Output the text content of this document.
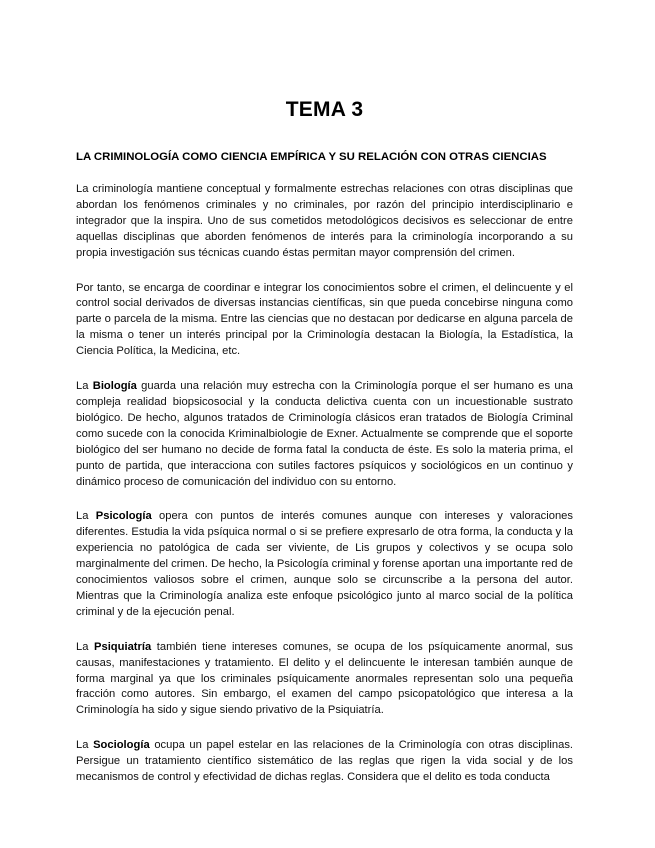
TEMA 3
LA CRIMINOLOGÍA COMO CIENCIA EMPÍRICA Y SU RELACIÓN CON OTRAS CIENCIAS

La criminología mantiene conceptual y formalmente estrechas relaciones con otras disciplinas que abordan los fenómenos criminales y no criminales, por razón del principio interdisciplinario e integrador que la inspira. Uno de sus cometidos metodológicos decisivos es seleccionar de entre aquellas disciplinas que aborden fenómenos de interés para la criminología incorporando a su propia investigación sus técnicas cuando éstas permitan mayor comprensión del crimen.

Por tanto, se encarga de coordinar e integrar los conocimientos sobre el crimen, el delincuente y el control social derivados de diversas instancias científicas, sin que pueda concebirse ninguna como parte o parcela de la misma. Entre las ciencias que no destacan por dedicarse en alguna parcela de la misma o tener un interés principal por la Criminología destacan la Biología, la Estadística, la Ciencia Política, la Medicina, etc.

La Biología guarda una relación muy estrecha con la Criminología porque el ser humano es una compleja realidad biopsicosocial y la conducta delictiva cuenta con un incuestionable sustrato biológico. De hecho, algunos tratados de Criminología clásicos eran tratados de Biología Criminal como sucede con la conocida Kriminalbiologie de Exner. Actualmente se comprende que el soporte biológico del ser humano no decide de forma fatal la conducta de éste. Es solo la materia prima, el punto de partida, que interacciona con sutiles factores psíquicos y sociológicos en un continuo y dinámico proceso de comunicación del individuo con su entorno.

La Psicología opera con puntos de interés comunes aunque con intereses y valoraciones diferentes. Estudia la vida psíquica normal o si se prefiere expresarlo de otra forma, la conducta y la experiencia no patológica de cada ser viviente, de Lis grupos y colectivos y se ocupa solo marginalmente del crimen. De hecho, la Psicología criminal y forense aportan una importante red de conocimientos valiosos sobre el crimen, aunque solo se circunscribe a la persona del autor. Mientras que la Criminología analiza este enfoque psicológico junto al marco social de la política criminal y de la ejecución penal.

La Psiquiatría también tiene intereses comunes, se ocupa de los psíquicamente anormal, sus causas, manifestaciones y tratamiento. El delito y el delincuente le interesan también aunque de forma marginal ya que los criminales psíquicamente anormales representan solo una pequeña fracción como autores. Sin embargo, el examen del campo psicopatológico que interesa a la Criminología ha sido y sigue siendo privativo de la Psiquiatría.

La Sociología ocupa un papel estelar en las relaciones de la Criminología con otras disciplinas. Persigue un tratamiento científico sistemático de las reglas que rigen la vida social y de los mecanismos de control y efectividad de dichas reglas. Considera que el delito es toda conducta
